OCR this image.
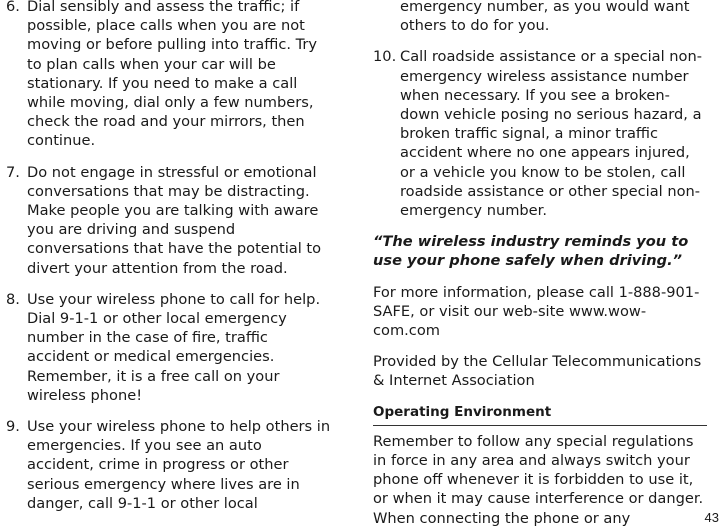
6. Dial sensibly and assess the traffic; if possible, place calls when you are not moving or before pulling into traffic. Try to plan calls when your car will be stationary. If you need to make a call while moving, dial only a few numbers, check the road and your mirrors, then continue.
7. Do not engage in stressful or emotional conversations that may be distracting. Make people you are talking with aware you are driving and suspend conversations that have the potential to divert your attention from the road.
8. Use your wireless phone to call for help. Dial 9-1-1 or other local emergency number in the case of fire, traffic accident or medical emergencies. Remember, it is a free call on your wireless phone!
9. Use your wireless phone to help others in emergencies. If you see an auto accident, crime in progress or other serious emergency where lives are in danger, call 9-1-1 or other local
emergency number, as you would want others to do for you.
10. Call roadside assistance or a special non-emergency wireless assistance number when necessary. If you see a broken-down vehicle posing no serious hazard, a broken traffic signal, a minor traffic accident where no one appears injured, or a vehicle you know to be stolen, call roadside assistance or other special non-emergency number.
“The wireless industry reminds you to use your phone safely when driving.”
For more information, please call 1-888-901-SAFE, or visit our web-site www.wow-com.com
Provided by the Cellular Telecommunications & Internet Association
Operating Environment
Remember to follow any special regulations in force in any area and always switch your phone off whenever it is forbidden to use it, or when it may cause interference or danger. When connecting the phone or any	43
